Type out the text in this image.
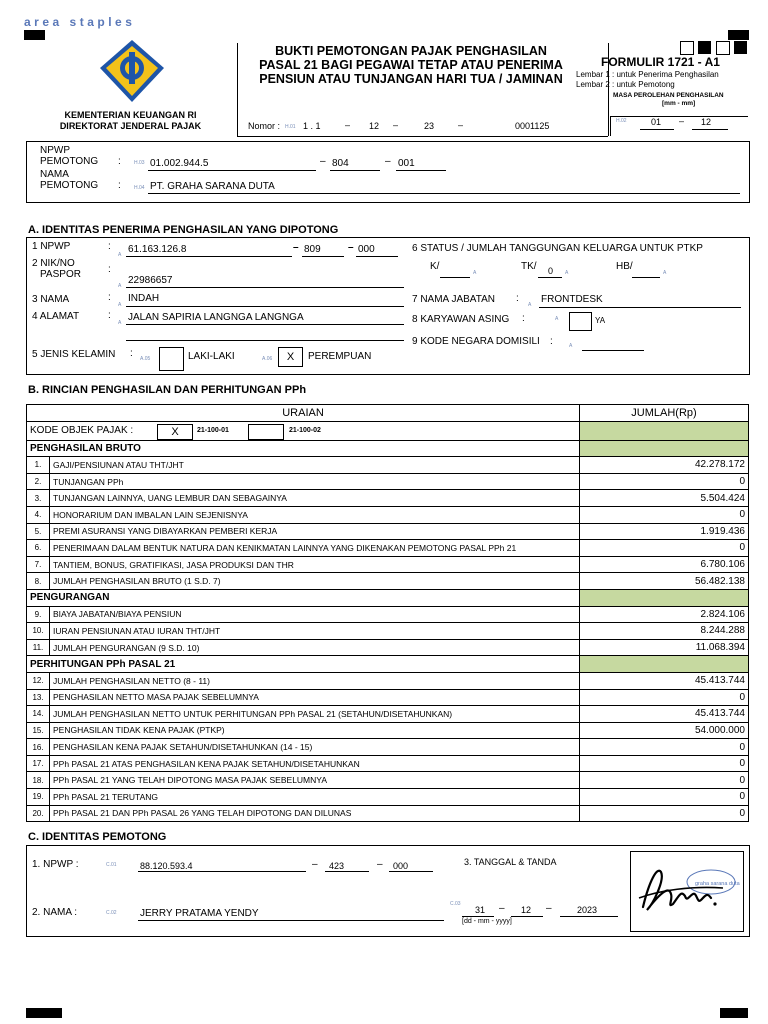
area staples
KEMENTERIAN KEUANGAN RI
DIREKTORAT JENDERAL PAJAK
BUKTI PEMOTONGAN PAJAK PENGHASILAN
PASAL 21 BAGI PEGAWAI TETAP ATAU PENERIMA
PENSIUN ATAU TUNJANGAN HARI TUA / JAMINAN
Nomor : H.01 1 . 1	– 12 –	23	–	0001125
FORMULIR 1721 - A1
Lembar 1 : untuk Penerima Penghasilan
Lembar 2 : untuk Pemotong
MASA PEROLEHAN PENGHASILAN
[mm - mm]
H.02	01 – 12
NPWP
PEMOTONG :	H.03 01.002.944.5	– 804	– 001
NAMA
PEMOTONG :	H.04 PT. GRAHA SARANA DUTA
A. IDENTITAS PENERIMA PENGHASILAN YANG DIPOTONG
1 NPWP	:
A 61.163.126.8	– 809	– 000
2 NIK/NO
PASPOR	:
A 22986657
3 NAMA	:
A
INDAH
4 ALAMAT	:
A JALAN SAPIRIA LANGNGA LANGNGA
5 JENIS KELAMIN : A.05	LAKI-LAKI	A.06	X	PEREMPUAN
6 STATUS / JUMLAH TANGGUNGAN KELUARGA UNTUK PTKP
K/
A
TK/ 0 A
HB/
A
7 NAMA JABATAN :
A FRONTDESK
8 KARYAWAN ASING :	A	YA
9 KODE NEGARA DOMISILI :	A
B. RINCIAN PENGHASILAN DAN PERHITUNGAN PPh
URAIAN		JUMLAH(Rp)
KODE OBJEK PAJAK : X 21-100-01 21-100-02		

PENGHASILAN BRUTO		
1.	GAJI/PENSIUNAN ATAU THT/JHT	42.278.172
2.	TUNJANGAN PPh	0
3.	TUNJANGAN LAINNYA, UANG LEMBUR DAN SEBAGAINYA	5.504.424
4.	HONORARIUM DAN IMBALAN LAIN SEJENISNYA	0
5.	PREMI ASURANSI YANG DIBAYARKAN PEMBERI KERJA	1.919.436
6.	PENERIMAAN DALAM BENTUK NATURA DAN KENIKMATAN LAINNYA YANG DIKENAKAN PEMOTONG PASAL PPh 21	0
7.	TANTIEM, BONUS, GRATIFIKASI, JASA PRODUKSI DAN THR	6.780.106
8.	JUMLAH PENGHASILAN BRUTO (1 S.D. 7)	56.482.138
PENGURANGAN		
9.	BIAYA JABATAN/BIAYA PENSIUN	2.824.106
10.	IURAN PENSIUNAN ATAU IURAN THT/JHT	8.244.288
11.	JUMLAH PENGURANGAN (9 S.D. 10)	11.068.394
PERHITUNGAN PPh PASAL 21		
12.	JUMLAH PENGHASILAN NETTO (8 - 11)	45.413.744
13.	PENGHASILAN NETTO MASA PAJAK SEBELUMNYA	0
14.	JUMLAH PENGHASILAN NETTO UNTUK PERHITUNGAN PPh PASAL 21 (SETAHUN/DISETAHUNKAN)	45.413.744
15.	PENGHASILAN TIDAK KENA PAJAK (PTKP)	54.000.000
16.	PENGHASILAN KENA PAJAK SETAHUN/DISETAHUNKAN (14 - 15)	0
17.	PPh PASAL 21 ATAS PENGHASILAN KENA PAJAK SETAHUN/DISETAHUNKAN	0
18.	PPh PASAL 21 YANG TELAH DIPOTONG MASA PAJAK SEBELUMNYA	0
19.	PPh PASAL 21 TERUTANG	0
20.	PPh PASAL 21 DAN PPh PASAL 26 YANG TELAH DIPOTONG DAN DILUNAS	0
C. IDENTITAS PEMOTONG
1. NPWP :	C.01	88.120.593.4	– 423	– 000
2. NAMA :	C.02 JERRY PRATAMA YENDY
3. TANGGAL & TANDA
C.03
31 – 12 –	2023
[dd - mm - yyyy]
graha sarana duta
